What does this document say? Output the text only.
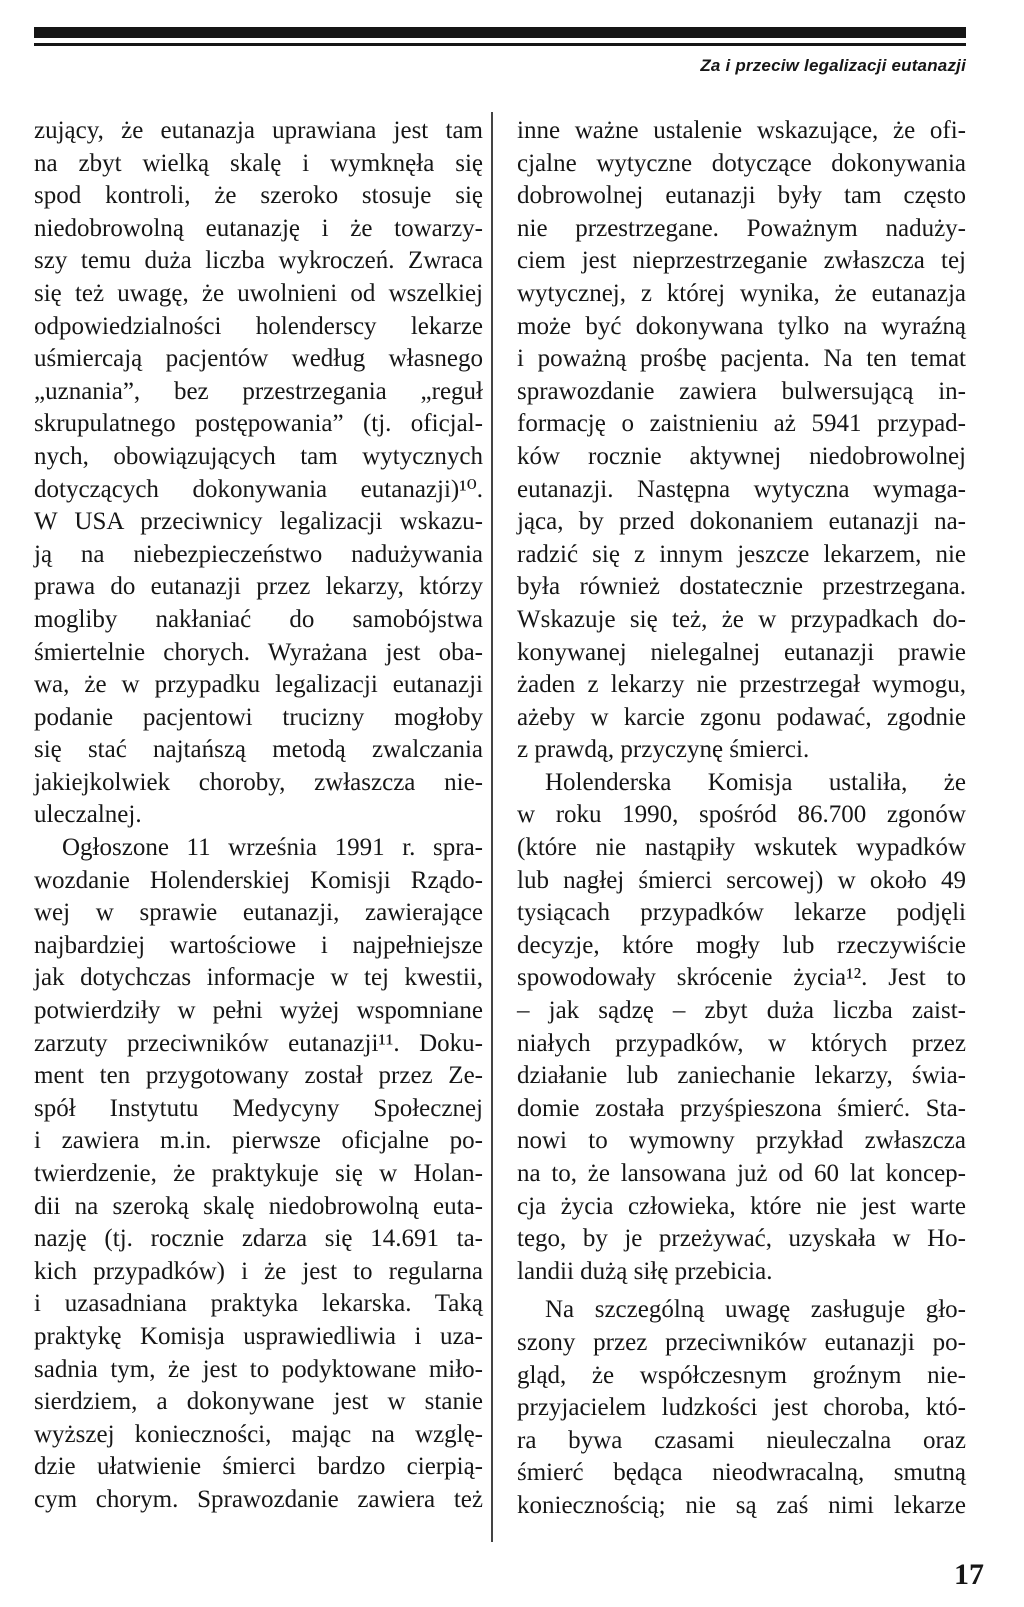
Za i przeciw legalizacji eutanazji
zujący, że eutanazja uprawiana jest tam
na zbyt wielką skalę i wymknęła się
spod kontroli, że szeroko stosuje się
niedobrowolną eutanazję i że towarzy-
szy temu duża liczba wykroczeń. Zwraca
się też uwagę, że uwolnieni od wszelkiej
odpowiedzialności holenderscy lekarze
uśmiercają pacjentów według własnego
„uznania”, bez przestrzegania „reguł
skrupulatnego postępowania” (tj. oficjal-
nych, obowiązujących tam wytycznych
dotyczących dokonywania eutanazji)¹⁰.
W USA przeciwnicy legalizacji wskazu-
ją na niebezpieczeństwo nadużywania
prawa do eutanazji przez lekarzy, którzy
mogliby nakłaniać do samobójstwa
śmiertelnie chorych. Wyrażana jest oba-
wa, że w przypadku legalizacji eutanazji
podanie pacjentowi trucizny mogłoby
się stać najtańszą metodą zwalczania
jakiejkolwiek choroby, zwłaszcza nie-
uleczalnej.
Ogłoszone 11 września 1991 r. spra-
wozdanie Holenderskiej Komisji Rządo-
wej w sprawie eutanazji, zawierające
najbardziej wartościowe i najpełniejsze
jak dotychczas informacje w tej kwestii,
potwierdziły w pełni wyżej wspomniane
zarzuty przeciwników eutanazji¹¹. Doku-
ment ten przygotowany został przez Ze-
spół Instytutu Medycyny Społecznej
i zawiera m.in. pierwsze oficjalne po-
twierdzenie, że praktykuje się w Holan-
dii na szeroką skalę niedobrowolną euta-
nazję (tj. rocznie zdarza się 14.691 ta-
kich przypadków) i że jest to regularna
i uzasadniana praktyka lekarska. Taką
praktykę Komisja usprawiedliwia i uza-
sadnia tym, że jest to podyktowane miło-
sierdziem, a dokonywane jest w stanie
wyższej konieczności, mając na wzglę-
dzie ułatwienie śmierci bardzo cierpią-
cym chorym. Sprawozdanie zawiera też
inne ważne ustalenie wskazujące, że ofi-
cjalne wytyczne dotyczące dokonywania
dobrowolnej eutanazji były tam często
nie przestrzegane. Poważnym naduży-
ciem jest nieprzestrzeganie zwłaszcza tej
wytycznej, z której wynika, że eutanazja
może być dokonywana tylko na wyraźną
i poważną prośbę pacjenta. Na ten temat
sprawozdanie zawiera bulwersującą in-
formację o zaistnieniu aż 5941 przypad-
ków rocznie aktywnej niedobrowolnej
eutanazji. Następna wytyczna wymaga-
jąca, by przed dokonaniem eutanazji na-
radzić się z innym jeszcze lekarzem, nie
była również dostatecznie przestrzegana.
Wskazuje się też, że w przypadkach do-
konywanej nielegalnej eutanazji prawie
żaden z lekarzy nie przestrzegał wymogu,
ażeby w karcie zgonu podawać, zgodnie
z prawdą, przyczynę śmierci.
Holenderska Komisja ustaliła, że
w roku 1990, spośród 86.700 zgonów
(które nie nastąpiły wskutek wypadków
lub nagłej śmierci sercowej) w około 49
tysiącach przypadków lekarze podjęli
decyzje, które mogły lub rzeczywiście
spowodowały skrócenie życia¹². Jest to
– jak sądzę – zbyt duża liczba zaist-
niałych przypadków, w których przez
działanie lub zaniechanie lekarzy, świa-
domie została przyśpieszona śmierć. Sta-
nowi to wymowny przykład zwłaszcza
na to, że lansowana już od 60 lat koncep-
cja życia człowieka, które nie jest warte
tego, by je przeżywać, uzyskała w Ho-
landii dużą siłę przebicia.
Na szczególną uwagę zasługuje gło-
szony przez przeciwników eutanazji po-
gląd, że współczesnym groźnym nie-
przyjacielem ludzkości jest choroba, któ-
ra bywa czasami nieuleczalna oraz
śmierć będąca nieodwracalną, smutną
koniecznością; nie są zaś nimi lekarze
17
